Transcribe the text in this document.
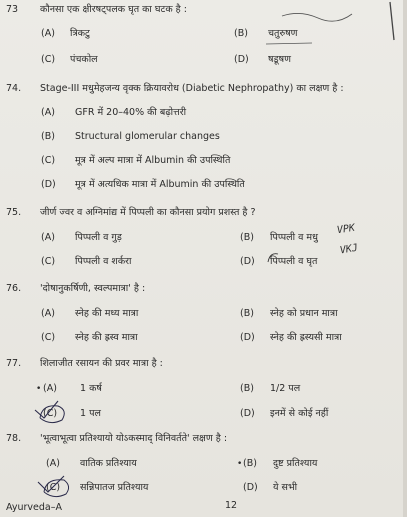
73 कौनसा एक क्षीरषट्पलक घृत का घटक है :
(A) त्रिकटु	(B) चतुरुषण
(C) पंचकोल	(D) षडूषण
74. Stage-III मधुमेहजन्य वृक्क क्रियावरोध (Diabetic Nephropathy) का लक्षण है :
(A) GFR में 20–40% की बढ़ोत्तरी
(B) Structural glomerular changes
(C) मूत्र में अल्प मात्रा में Albumin की उपस्थिति
(D) मूत्र में अत्यधिक मात्रा में Albumin की उपस्थिति
75. जीर्ण ज्वर व अग्निमांद्य में पिप्पली का कौनसा प्रयोग प्रशस्त है ?
(A) पिप्पली व गुड़	(B) पिप्पली व मधु
VPK
(C) पिप्पली व शर्करा	(D) पिप्पली व घृत
VKJ
76. 'दोषानुकर्षिणी, स्वल्पमात्रा' है :
(A) स्नेह की मध्य मात्रा	(B) स्नेह को प्रधान मात्रा
(C) स्नेह की ह्रस्व मात्रा	(D) स्नेह की ह्रस्यसी मात्रा
77. शिलाजीत रसायन की प्रवर मात्रा है :
• (A) 1 कर्ष	(B) 1/2 पल
(C) 1 पल	(D) इनमें से कोई नहीं
78. 'भूत्वाभूत्वा प्रतिश्यायो योऽकस्माद् विनिवर्तते' लक्षण है :
(A) वातिक प्रतिश्याय	• (B) दुष्ट प्रतिश्याय
(C) सन्निपातज प्रतिश्याय	(D) ये सभी
Ayurveda–A	12
